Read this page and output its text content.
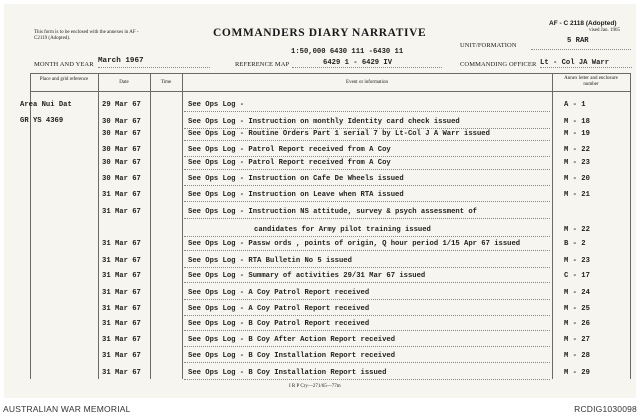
This form is to be enclosed with the annexes in AF - C2119 (Adopted).	COMMANDERS DIARY NARRATIVE
AF - C 2118 (Adopted)
vised Jan. 1965
UNIT/FORMATION
5 RAR
1:50,000 6430 111 -6430 11
MONTH AND YEAR March 1967	REFERENCE MAP	6429 1 - 6429 IV	COMMANDING OFFICER Lt - Col JA Warr
Place and grid reference
Date	Time	Event or information
Annex letter and enclosure number
Area Nui Dat
GR YS 4369
29 Mar 67	See Ops Log -	A - 1
30 Mar 67	See Ops Log - Instruction on monthly Identity card check issued	M - 18
30 Mar 67	See Ops Log - Routine Orders Part 1 serial 7 by Lt-Col J A Warr issued	M - 19
30 Mar 67	See Ops Log - Patrol Report received from A Coy	M - 22
30 Mar 67	See Ops Log - Patrol Report received from A Coy	M - 23
30 Mar 67	See Ops Log - Instruction on Cafe De Wheels issued	M - 20
31 Mar 67	See Ops Log - Instruction on Leave when RTA issued	M - 21
31 Mar 67	See Ops Log - Instruction NS attitude, survey & psych assessment of
candidates for Army pilot training issued	M - 22
31 Mar 67	See Ops Log - Passw ords , points of origin, Q hour period 1/15 Apr 67 issued	B - 2
31 Mar 67	See Ops Log - RTA Bulletin No 5 issued	M - 23
31 Mar 67	See Ops Log - Summary of activities 29/31 Mar 67 issued	C - 17
31 Mar 67	See Ops Log - A Coy Patrol Report received	M - 24
31 Mar 67	See Ops Log - A Coy Patrol Report received	M - 25
31 Mar 67	See Ops Log - B Coy Patrol Report received	M - 26
31 Mar 67	See Ops Log - B Coy After Action Report received	M - 27
31 Mar 67	See Ops Log - B Coy Installation Report received	M - 28
31 Mar 67	See Ops Log - B Coy Installation Report issued	M - 29
I R P Cry—271/65—77m
AUSTRALIAN WAR MEMORIAL	RCDIG1030098
